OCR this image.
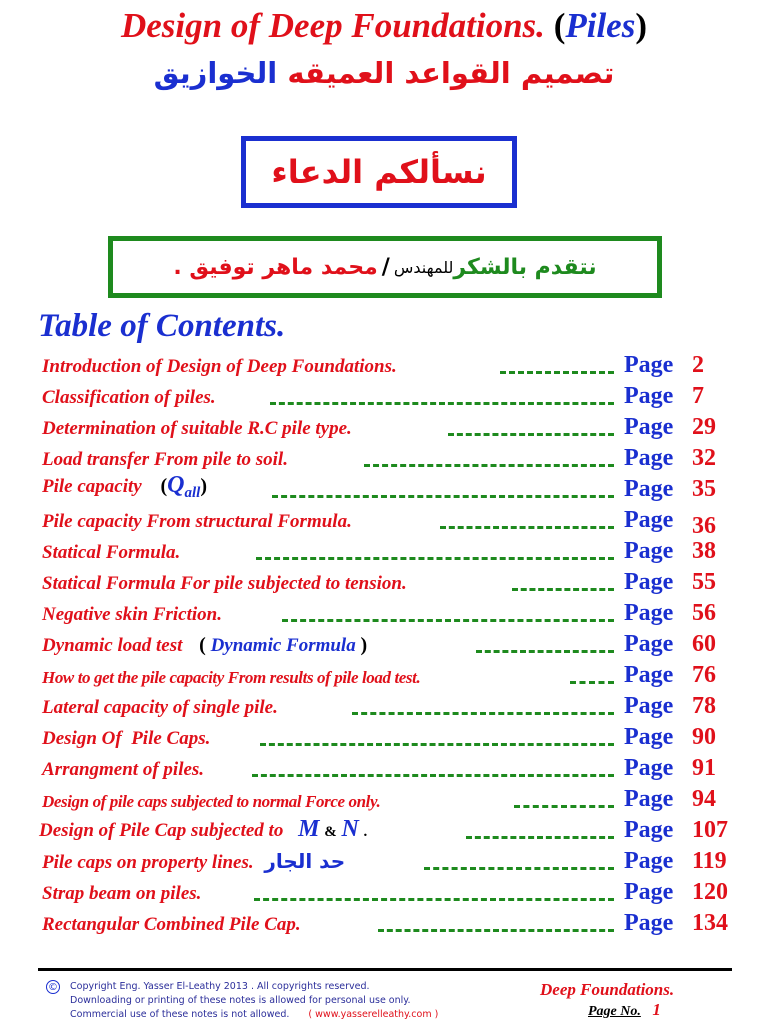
Design of Deep Foundations. (Piles)
تصميم القواعد العميقه الخوازيق
نسألكم الدعاء
نتقدم بالشكر
للمهندس
/
محمد ماهر توفيق .
Table of Contents.
Introduction of Design of Deep Foundations.	Page 2
Classification of piles.	Page 7
Determination of suitable R.C pile type.	Page 29
Load transfer From pile to soil.	Page 32
Pile capacity $(Q_{all})$	Page 35
Pile capacity From structural Formula.	Page 36
Statical Formula.	Page 38
Statical Formula For pile subjected to tension.	Page 55
Negative skin Friction.	Page 56
Dynamic load test ( Dynamic Formula )	Page 60
How to get the pile capacity From results of pile load test.	Page 76
Lateral capacity of single pile.	Page 78
Design Of  Pile Caps.	Page 90
Arrangment of piles.	Page 91
Design of pile caps subjected to normal Force only.	Page 94
Design of Pile Cap subjected to M & N .	Page 107
Pile caps on property lines. حد الجار	Page 119
Strap beam on piles.	Page 120
Rectangular Combined Pile Cap.	Page 134
© Copyright Eng. Yasser El-Leathy 2013 . All copyrights reserved.
Downloading or printing of these notes is allowed for personal use only.
Commercial use of these notes is not allowed. ( www.yasserelleathy.com )
Deep Foundations.
Page No. 1
